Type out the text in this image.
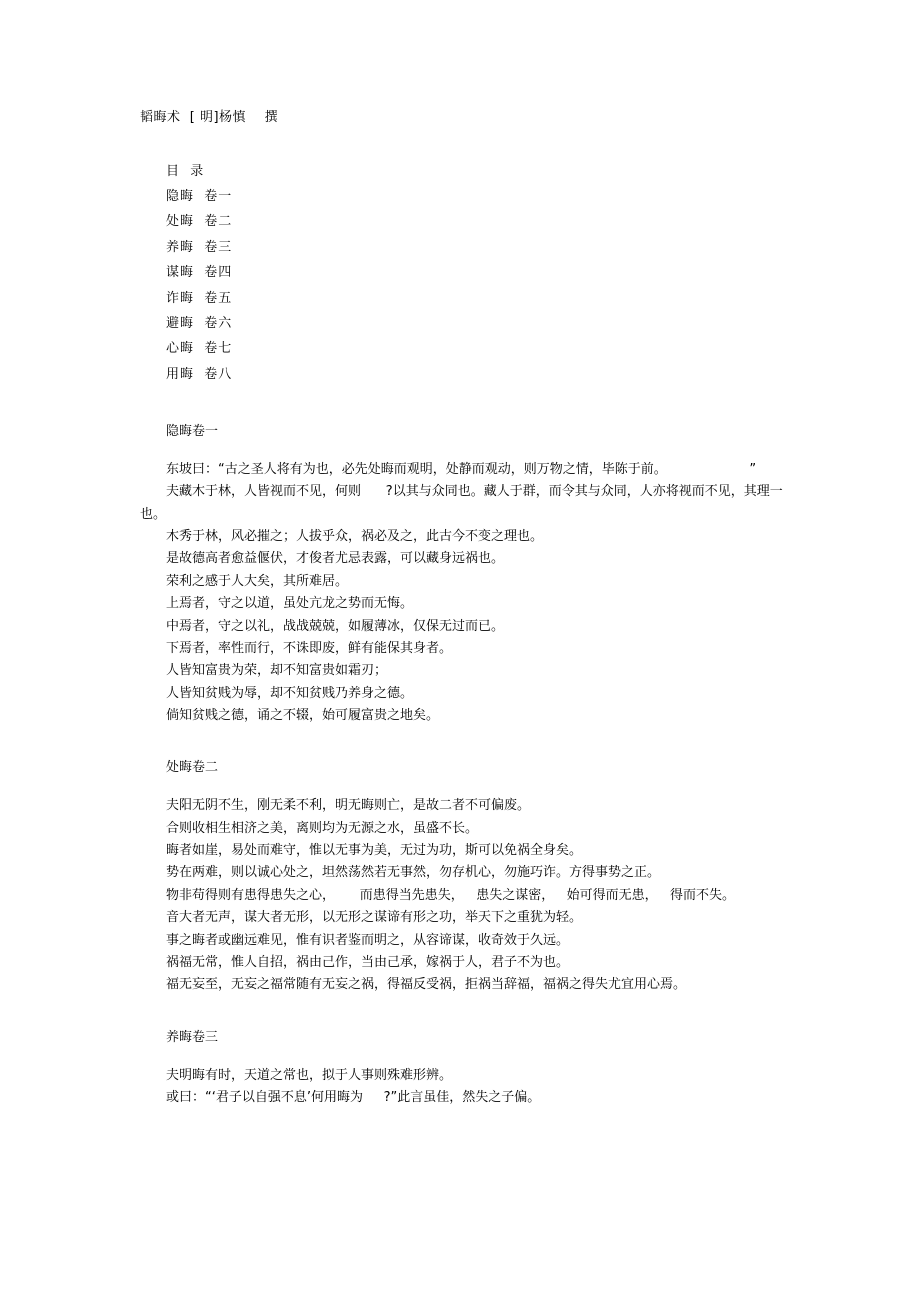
韬晦术  [ 明]杨慎    撰
目  录
隐晦  卷一
处晦  卷二
养晦  卷三
谋晦  卷四
诈晦  卷五
避晦  卷六
心晦  卷七
用晦  卷八
隐晦卷一

东坡曰：“古之圣人将有为也，必先处晦而观明，处静而观动，则万物之情，毕陈于前。                    ”

夫藏木于林，人皆视而不见，何则      ?以其与众同也。藏人于群，而令其与众同，人亦将视而不见，其理一也。

木秀于林，风必摧之；人拔乎众，祸必及之，此古今不变之理也。

是故德高者愈益偃伏，才俊者尤忌表露，可以藏身远祸也。

荣利之感于人大矣，其所难居。

上焉者，守之以道，虽处亢龙之势而无悔。

中焉者，守之以礼，战战兢兢，如履薄冰，仅保无过而已。

下焉者，率性而行，不诛即废，鲜有能保其身者。

人皆知富贵为荣，却不知富贵如霜刃；

人皆知贫贱为辱，却不知贫贱乃养身之德。

倘知贫贱之德，诵之不辍，始可履富贵之地矣。

处晦卷二

夫阳无阴不生，刚无柔不利，明无晦则亡，是故二者不可偏废。

合则收相生相济之美，离则均为无源之水，虽盛不长。

晦者如崖，易处而难守，惟以无事为美，无过为功，斯可以免祸全身矣。

势在两难，则以诚心处之，坦然荡然若无事然，勿存机心，勿施巧诈。方得事势之正。

物非苟得则有患得患失之心，      而患得当先患失，   患失之谋密，   始可得而无患，   得而不失。

音大者无声，谋大者无形，以无形之谋谛有形之功，举天下之重犹为轻。

事之晦者或幽远难见，惟有识者鉴而明之，从容谛谋，收奇效于久远。

祸福无常，惟人自招，祸由己作，当由己承，嫁祸于人，君子不为也。

福无妄至，无妄之福常随有无妄之祸，得福反受祸，拒祸当辞福，福祸之得失尤宜用心焉。

养晦卷三

夫明晦有时，天道之常也，拟于人事则殊难形辨。

或曰：“‘君子以自强不息’何用晦为     ?”此言虽佳，然失之子偏。
